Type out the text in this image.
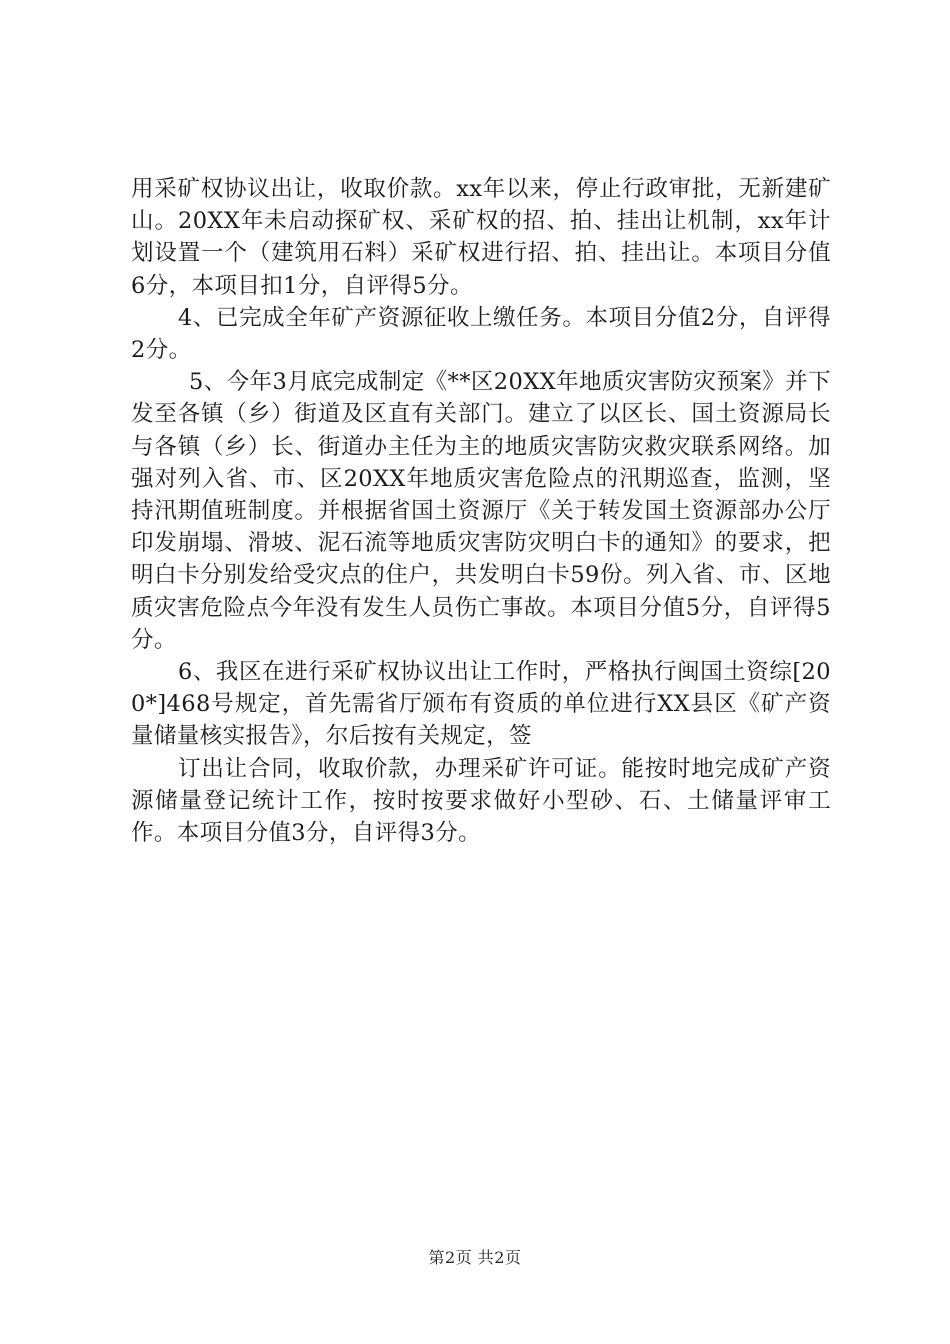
用采矿权协议出让，收取价款。xx年以来，停止行政审批，无新建矿山。20XX年未启动探矿权、采矿权的招、拍、挂出让机制，xx年计划设置一个（建筑用石料）采矿权进行招、拍、挂出让。本项目分值6分，本项目扣1分，自评得5分。

4、已完成全年矿产资源征收上缴任务。本项目分值2分，自评得2分。

5、今年3月底完成制定《**区20XX年地质灾害防灾预案》并下发至各镇（乡）街道及区直有关部门。建立了以区长、国土资源局长与各镇（乡）长、街道办主任为主的地质灾害防灾救灾联系网络。加强对列入省、市、区20XX年地质灾害危险点的汛期巡查，监测，坚持汛期值班制度。并根据省国土资源厅《关于转发国土资源部办公厅印发崩塌、滑坡、泥石流等地质灾害防灾明白卡的通知》的要求，把明白卡分别发给受灾点的住户，共发明白卡59份。列入省、市、区地质灾害危险点今年没有发生人员伤亡事故。本项目分值5分，自评得5分。

6、我区在进行采矿权协议出让工作时，严格执行闽国土资综[200*]468号规定，首先需省厅颁布有资质的单位进行XX县区《矿产资量储量核实报告》，尔后按有关规定，签

订出让合同，收取价款，办理采矿许可证。能按时地完成矿产资源储量登记统计工作，按时按要求做好小型砂、石、土储量评审工作。本项目分值3分，自评得3分。

第2页 共2页
